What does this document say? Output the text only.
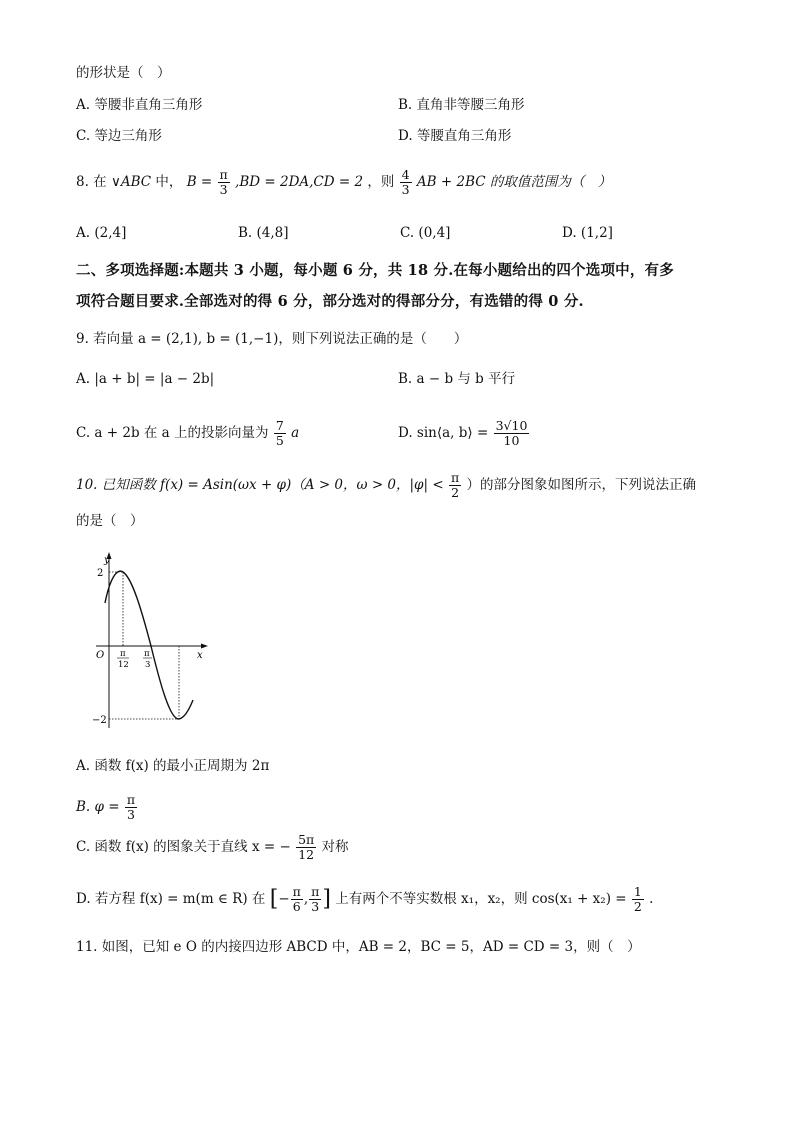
的形状是（　）
A. 等腰非直角三角形	B. 直角非等腰三角形
C. 等边三角形	D. 等腰直角三角形
8. 在 ∨ABC 中， $B = \frac{\pi}{3} ,BD = 2DA,CD = 2$ ，则 $\frac{4}{3}$ AB + 2BC 的取值范围为（　）
A. (2,4]	B. (4,8]	C. (0,4]	D. (1,2]
二、多项选择题:本题共 3 小题，每小题 6 分，共 18 分.在每小题给出的四个选项中，有多
项符合题目要求.全部选对的得 6 分，部分选对的得部分分，有选错的得 0 分.
9. 若向量 a = (2,1), b = (1,−1)，则下列说法正确的是（　　）
A. |a + b| = |a − 2b|	B. a − b 与 b 平行
C. a + 2b 在 a 上的投影向量为 $\frac{7}{5}$ a	D. sin⟨a, b⟩ = $\frac{3√10}{10}$
10. 已知函数 f(x) = Asin(ωx + φ)（A > 0，ω > 0，$|\varphi| < \frac{\pi}{2}$ ）的部分图象如图所示，下列说法正确
的是（　）
y
x
O
2
−2
π
12
π
3
A. 函数 f(x) 的最小正周期为 2π
B. $\varphi = \frac{\pi}{3}$
C. 函数 f(x) 的图象关于直线 x = − $\frac{5\pi}{12}$ 对称
D. 若方程 f(x) = m(m ∈ R) 在 [− $\frac{\pi}{6}$ , $\frac{\pi}{3}$ ] 上有两个不等实数根 x₁，x₂，则 $\cos(x_1 + x_2) = \frac{1}{2}$ .
11. 如图，已知 e O 的内接四边形 ABCD 中，AB = 2，BC = 5，AD = CD = 3，则（　）
